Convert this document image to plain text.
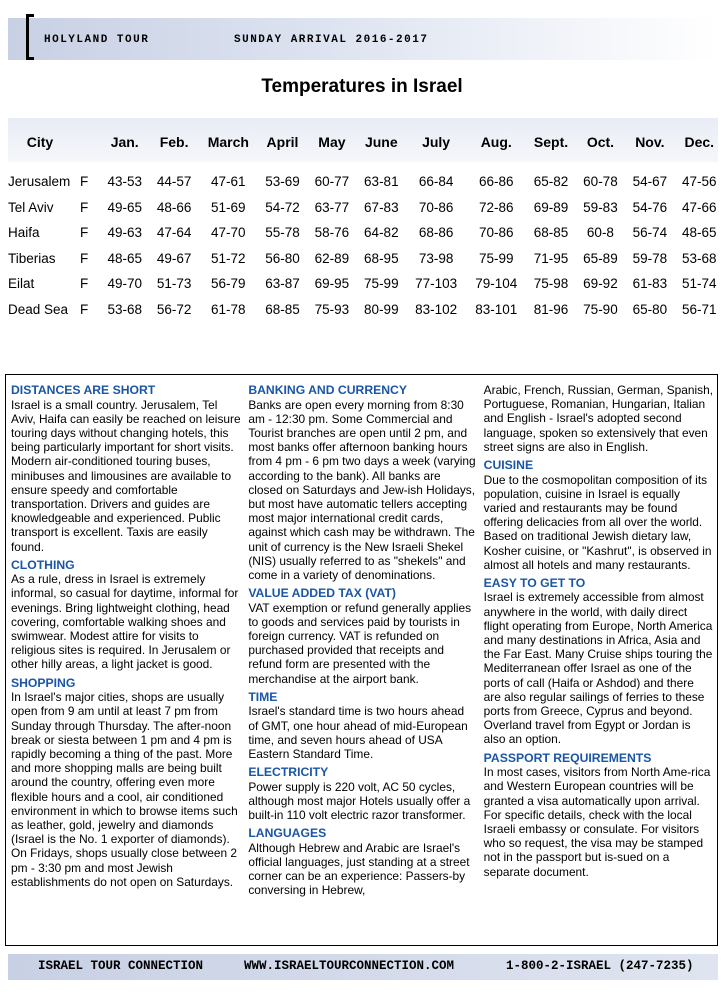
HOLYLAND TOUR	SUNDAY ARRIVAL 2016-2017
Temperatures in Israel
City		Jan.	Feb.	March	April	May	June	July	Aug.	Sept.	Oct.	Nov.	Dec.

Jerusalem	F	43-53	44-57	47-61	53-69	60-77	63-81	66-84	66-86	65-82	60-78	54-67	47-56
Tel Aviv	F	49-65	48-66	51-69	54-72	63-77	67-83	70-86	72-86	69-89	59-83	54-76	47-66
Haifa	F	49-63	47-64	47-70	55-78	58-76	64-82	68-86	70-86	68-85	60-8	56-74	48-65
Tiberias	F	48-65	49-67	51-72	56-80	62-89	68-95	73-98	75-99	71-95	65-89	59-78	53-68
Eilat	F	49-70	51-73	56-79	63-87	69-95	75-99	77-103	79-104	75-98	69-92	61-83	51-74
Dead Sea	F	53-68	56-72	61-78	68-85	75-93	80-99	83-102	83-101	81-96	75-90	65-80	56-71
DISTANCES ARE SHORT
Israel is a small country. Jerusalem, Tel Aviv, Haifa can easily be reached on leisure touring days without changing hotels, this being particularly important for short visits. Modern air-conditioned touring buses, minibuses and limousines are available to ensure speedy and comfortable transportation. Drivers and guides are knowledgeable and experienced. Public transport is excellent. Taxis are easily found.
CLOTHING
As a rule, dress in Israel is extremely informal, so casual for daytime, informal for evenings. Bring lightweight clothing, head covering, comfortable walking shoes and swimwear. Modest attire for visits to religious sites is required. In Jerusalem or other hilly areas, a light jacket is good.
SHOPPING
In Israel's major cities, shops are usually open from 9 am until at least 7 pm from Sunday through Thursday. The after-noon break or siesta between 1 pm and 4 pm is rapidly becoming a thing of the past. More and more shopping malls are being built around the country, offering even more flexible hours and a cool, air conditioned environment in which to browse items such as leather, gold, jewelry and diamonds (Israel is the No. 1 exporter of diamonds). On Fridays, shops usually close between 2 pm - 3:30 pm and most Jewish establishments do not open on Saturdays.
BANKING AND CURRENCY
Banks are open every morning from 8:30 am - 12:30 pm. Some Commercial and Tourist branches are open until 2 pm, and most banks offer afternoon banking hours from 4 pm - 6 pm two days a week (varying according to the bank). All banks are closed on Saturdays and Jew-ish Holidays, but most have automatic tellers accepting most major international credit cards, against which cash may be withdrawn. The unit of currency is the New Israeli Shekel (NIS) usually referred to as "shekels" and come in a variety of denominations.
VALUE ADDED TAX (VAT)
VAT exemption or refund generally applies to goods and services paid by tourists in foreign currency. VAT is refunded on purchased provided that receipts and refund form are presented with the merchandise at the airport bank.
TIME
Israel's standard time is two hours ahead of GMT, one hour ahead of mid-European time, and seven hours ahead of USA Eastern Standard Time.
ELECTRICITY
Power supply is 220 volt, AC 50 cycles, although most major Hotels usually offer a built-in 110 volt electric razor transformer.
LANGUAGES
Although Hebrew and Arabic are Israel's official languages, just standing at a street corner can be an experience: Passers-by conversing in Hebrew,
Arabic, French, Russian, German, Spanish, Portuguese, Romanian, Hungarian, Italian and English - Israel's adopted second language, spoken so extensively that even street signs are also in English.
CUISINE
Due to the cosmopolitan composition of its population, cuisine in Israel is equally varied and restaurants may be found offering delicacies from all over the world. Based on traditional Jewish dietary law, Kosher cuisine, or "Kashrut", is observed in almost all hotels and many restaurants.
EASY TO GET TO
Israel is extremely accessible from almost anywhere in the world, with daily direct flight operating from Europe, North America and many destinations in Africa, Asia and the Far East. Many Cruise ships touring the Mediterranean offer Israel as one of the ports of call (Haifa or Ashdod) and there are also regular sailings of ferries to these ports from Greece, Cyprus and beyond.
Overland travel from Egypt or Jordan is also an option.
PASSPORT REQUIREMENTS
In most cases, visitors from North Ame-rica and Western European countries will be granted a visa automatically upon arrival. For specific details, check with the local Israeli embassy or consulate. For visitors who so request, the visa may be stamped not in the passport but is-sued on a separate document.
ISRAEL TOUR CONNECTION	WWW.ISRAELTOURCONNECTION.COM	1-800-2-ISRAEL (247-7235)
